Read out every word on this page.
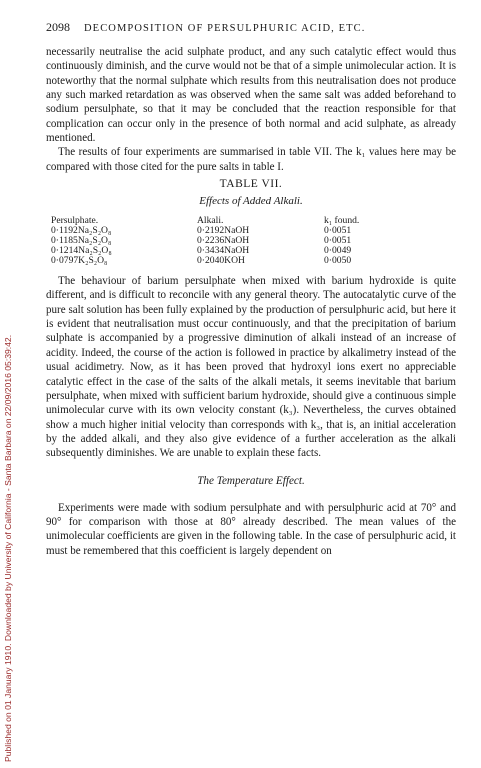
Published on 01 January 1910. Downloaded by University of California - Santa Barbara on 22/09/2016 05:39:42.
2098 DECOMPOSITION OF PERSULPHURIC ACID, ETC.

necessarily neutralise the acid sulphate product, and any such catalytic effect would thus continuously diminish, and the curve would not be that of a simple unimolecular action. It is noteworthy that the normal sulphate which results from this neutralisation does not produce any such marked retardation as was observed when the same salt was added beforehand to sodium persulphate, so that it may be concluded that the reaction responsible for that complication can occur only in the presence of both normal and acid sulphate, as already mentioned.

The results of four experiments are summarised in table VII. The k₁ values here may be compared with those cited for the pure salts in table I.

TABLE VII.
Effects of Added Alkali.
Persulphate.	Alkali.	k₁ found.
0·1192Na₂S₂O₈	0·2192NaOH	0·0051
0·1185Na₂S₂O₈	0·2236NaOH	0·0051
0·1214Na₂S₂O₈	0·3434NaOH	0·0049
0·0797K₂S₂O₈	0·2040KOH	0·0050

The behaviour of barium persulphate when mixed with barium hydroxide is quite different, and is difficult to reconcile with any general theory. The autocatalytic curve of the pure salt solution has been fully explained by the production of persulphuric acid, but here it is evident that neutralisation must occur continuously, and that the precipitation of barium sulphate is accompanied by a progressive diminution of alkali instead of an increase of acidity. Indeed, the course of the action is followed in practice by alkalimetry instead of the usual acidimetry. Now, as it has been proved that hydroxyl ions exert no appreciable catalytic effect in the case of the salts of the alkali metals, it seems inevitable that barium persulphate, when mixed with sufficient barium hydroxide, should give a continuous simple unimolecular curve with its own velocity constant (k₃). Nevertheless, the curves obtained show a much higher initial velocity than corresponds with k₃, that is, an initial acceleration by the added alkali, and they also give evidence of a further acceleration as the alkali subsequently diminishes. We are unable to explain these facts.

The Temperature Effect.

Experiments were made with sodium persulphate and with persulphuric acid at 70° and 90° for comparison with those at 80° already described. The mean values of the unimolecular coefficients are given in the following table. In the case of persulphuric acid, it must be remembered that this coefficient is largely dependent on
